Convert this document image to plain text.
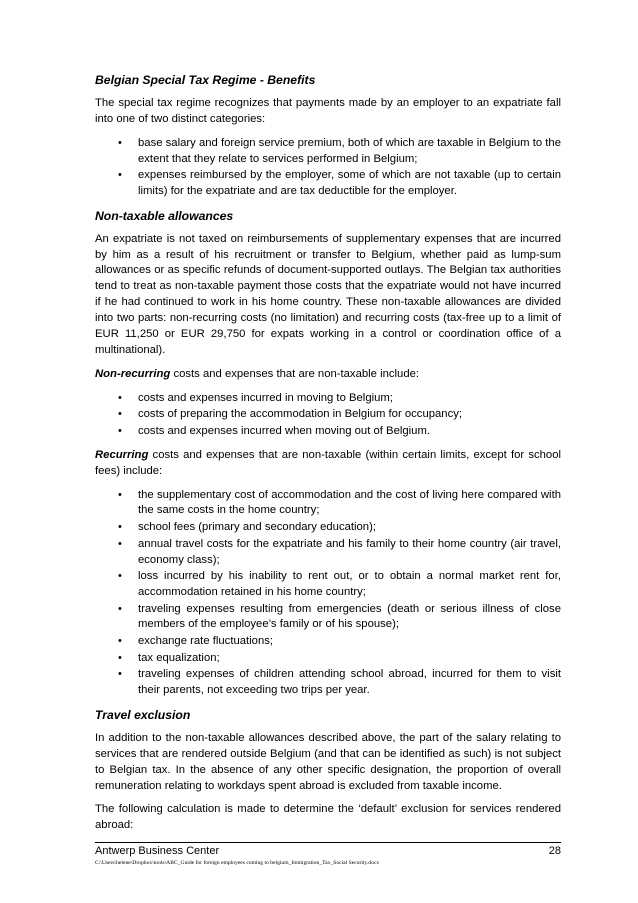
Belgian Special Tax Regime - Benefits

The special tax regime recognizes that payments made by an employer to an expatriate fall into one of two distinct categories:

• base salary and foreign service premium, both of which are taxable in Belgium to the extent that they relate to services performed in Belgium;
• expenses reimbursed by the employer, some of which are not taxable (up to certain limits) for the expatriate and are tax deductible for the employer.
Non-taxable allowances

An expatriate is not taxed on reimbursements of supplementary expenses that are incurred by him as a result of his recruitment or transfer to Belgium, whether paid as lump-sum allowances or as specific refunds of document-supported outlays. The Belgian tax authorities tend to treat as non-taxable payment those costs that the expatriate would not have incurred if he had continued to work in his home country. These non-taxable allowances are divided into two parts: non-recurring costs (no limitation) and recurring costs (tax-free up to a limit of EUR 11,250 or EUR 29,750 for expats working in a control or coordination office of a multinational).

Non-recurring costs and expenses that are non-taxable include:

• costs and expenses incurred in moving to Belgium;
• costs of preparing the accommodation in Belgium for occupancy;
• costs and expenses incurred when moving out of Belgium.

Recurring costs and expenses that are non-taxable (within certain limits, except for school fees) include:

• the supplementary cost of accommodation and the cost of living here compared with the same costs in the home country;
• school fees (primary and secondary education);
• annual travel costs for the expatriate and his family to their home country (air travel, economy class);
• loss incurred by his inability to rent out, or to obtain a normal market rent for, accommodation retained in his home country;
• traveling expenses resulting from emergencies (death or serious illness of close members of the employee’s family or of his spouse);
• exchange rate fluctuations;
• tax equalization;
• traveling expenses of children attending school abroad, incurred for them to visit their parents, not exceeding two trips per year.
Travel exclusion

In addition to the non-taxable allowances described above, the part of the salary relating to services that are rendered outside Belgium (and that can be identified as such) is not subject to Belgian tax. In the absence of any other specific designation, the proportion of overall remuneration relating to workdays spent abroad is excluded from taxable income.

The following calculation is made to determine the ‘default’ exclusion for services rendered abroad:

Antwerp Business Center	28
C:\Users\helene\Dropbox\tools\ABC_Guide for foreign employees coming to belgium_Immigration_Tax_Social Security.docx
